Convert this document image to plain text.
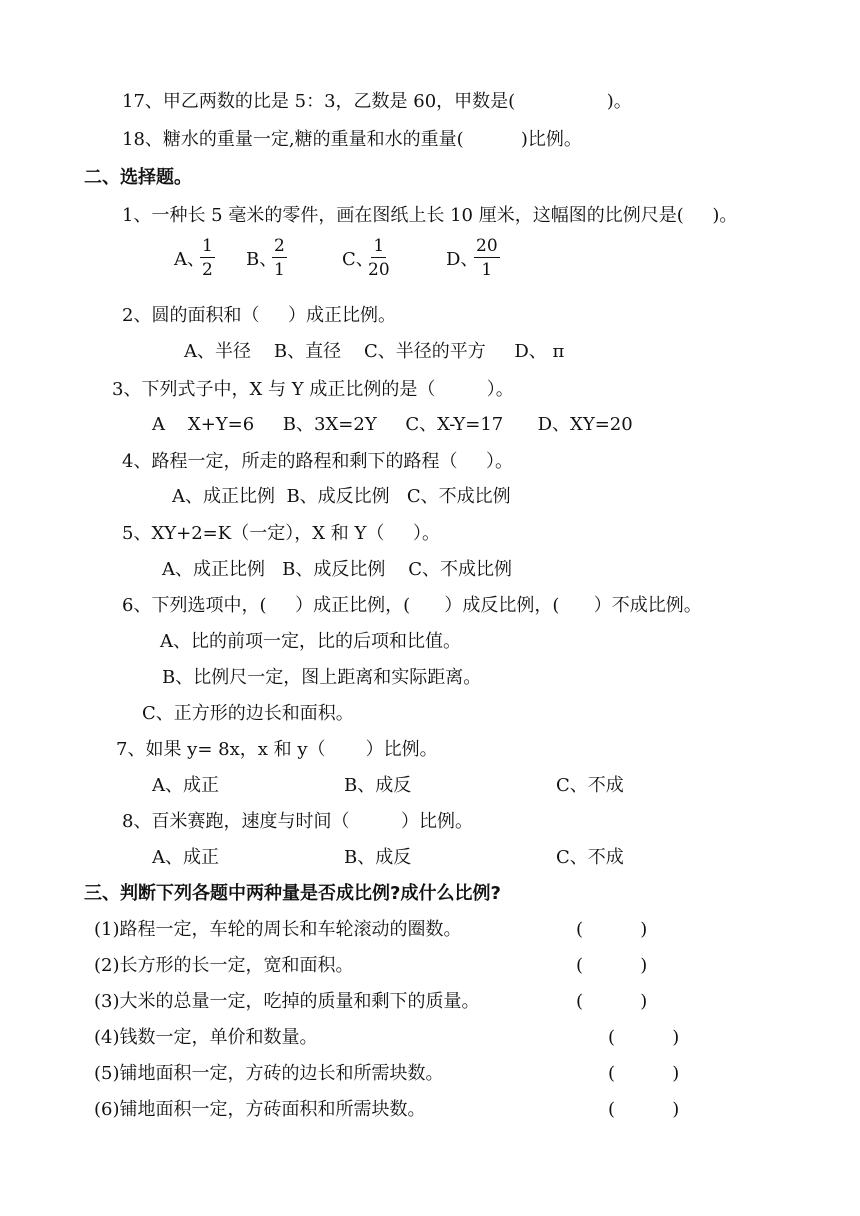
17、甲乙两数的比是 5：3，乙数是 60，甲数是(                )。
18、糖水的重量一定,糖的重量和水的重量(          )比例。
二、选择题。
1、一种长 5 毫米的零件，画在图纸上长 10 厘米，这幅图的比例尺是(     )。
A、
$\frac{1}{2}$ B、
$\frac{2}{1}$	C、
$\frac{1}{20}$	D、
$\frac{20}{1}$
2、圆的面积和（     ）成正比例。
A、半径    B、直径    C、半径的平方     D、 π
3、下列式子中，X 与 Y 成正比例的是（         ）。
A    X+Y=6     B、3X=2Y     C、X-Y=17      D、XY=20
4、路程一定，所走的路程和剩下的路程（     ）。
A、成正比例  B、成反比例   C、不成比例
5、XY+2=K（一定），X 和 Y（     ）。
A、成正比例   B、成反比例    C、不成比例
6、下列选项中，(     ）成正比例，(      ）成反比例，(      ）不成比例。
A、比的前项一定，比的后项和比值。
B、比例尺一定，图上距离和实际距离。
C、正方形的边长和面积。
7、如果 y= 8x，x 和 y（       ）比例。
A、成正	B、成反	C、不成
8、百米赛跑，速度与时间（         ）比例。
A、成正	B、成反	C、不成
三、判断下列各题中两种量是否成比例?成什么比例?
(1)路程一定，车轮的周长和车轮滚动的圈数。	(          )
(2)长方形的长一定，宽和面积。	(          )
(3)大米的总量一定，吃掉的质量和剩下的质量。	(          )
(4)钱数一定，单价和数量。	(          )
(5)铺地面积一定，方砖的边长和所需块数。	(          )
(6)铺地面积一定，方砖面积和所需块数。	(          )
